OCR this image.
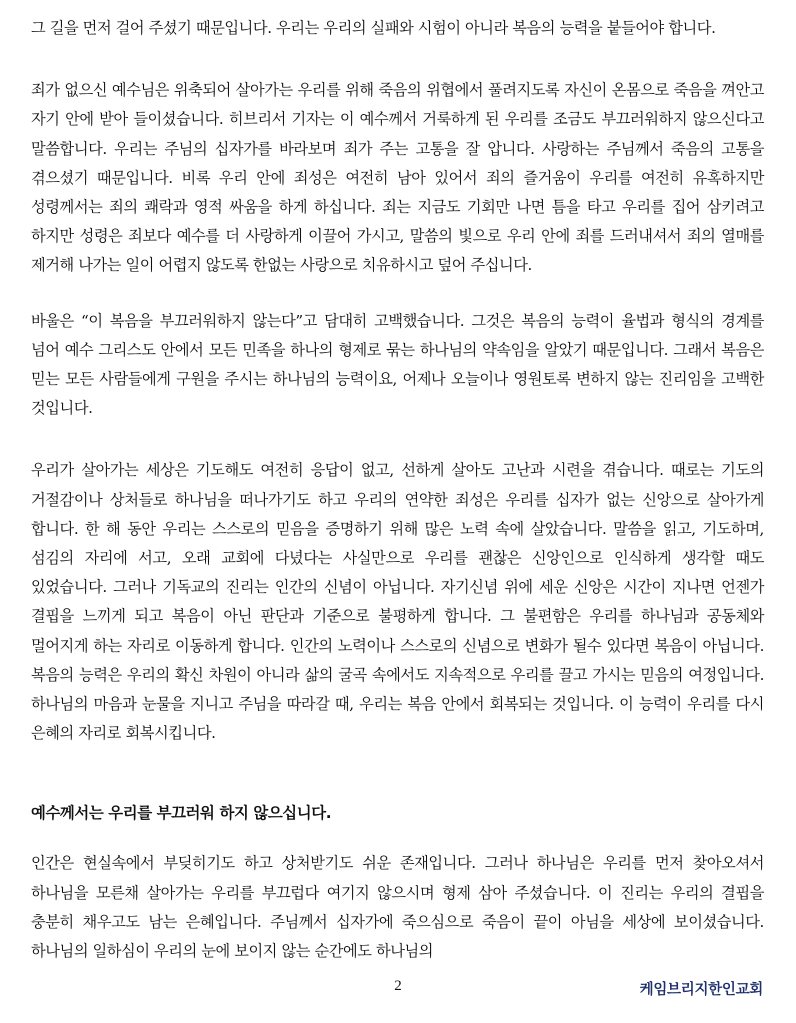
그 길을 먼저 걸어 주셨기 때문입니다. 우리는 우리의 실패와 시험이 아니라 복음의 능력을 붙들어야 합니다.

죄가 없으신 예수님은 위축되어 살아가는 우리를 위해 죽음의 위협에서 풀려지도록 자신이 온몸으로 죽음을 껴안고 자기 안에 받아 들이셨습니다. 히브리서 기자는 이 예수께서 거룩하게 된 우리를 조금도 부끄러워하지 않으신다고 말씀합니다. 우리는 주님의 십자가를 바라보며 죄가 주는 고통을 잘 압니다. 사랑하는 주님께서 죽음의 고통을 겪으셨기 때문입니다. 비록 우리 안에 죄성은 여전히 남아 있어서 죄의 즐거움이 우리를 여전히 유혹하지만 성령께서는 죄의 쾌락과 영적 싸움을 하게 하십니다. 죄는 지금도 기회만 나면 틈을 타고 우리를 집어 삼키려고 하지만 성령은 죄보다 예수를 더 사랑하게 이끌어 가시고, 말씀의 빛으로 우리 안에 죄를 드러내셔서 죄의 열매를 제거해 나가는 일이 어렵지 않도록 한없는 사랑으로 치유하시고 덮어 주십니다.

바울은 “이 복음을 부끄러워하지 않는다”고 담대히 고백했습니다. 그것은 복음의 능력이 율법과 형식의 경계를 넘어 예수 그리스도 안에서 모든 민족을 하나의 형제로 묶는 하나님의 약속임을 알았기 때문입니다. 그래서 복음은 믿는 모든 사람들에게 구원을 주시는 하나님의 능력이요, 어제나 오늘이나 영원토록 변하지 않는 진리임을 고백한 것입니다.

우리가 살아가는 세상은 기도해도 여전히 응답이 없고, 선하게 살아도 고난과 시련을 겪습니다. 때로는 기도의 거절감이나 상처들로 하나님을 떠나가기도 하고 우리의 연약한 죄성은 우리를 십자가 없는 신앙으로 살아가게 합니다. 한 해 동안 우리는 스스로의 믿음을 증명하기 위해 많은 노력 속에 살았습니다. 말씀을 읽고, 기도하며, 섬김의 자리에 서고, 오래 교회에 다녔다는 사실만으로 우리를 괜찮은 신앙인으로 인식하게 생각할 때도 있었습니다. 그러나 기독교의 진리는 인간의 신념이 아닙니다. 자기신념 위에 세운 신앙은 시간이 지나면 언젠가 결핍을 느끼게 되고 복음이 아닌 판단과 기준으로 불평하게 합니다. 그 불편함은 우리를 하나님과 공동체와 멀어지게 하는 자리로 이동하게 합니다. 인간의 노력이나 스스로의 신념으로 변화가 될수 있다면 복음이 아닙니다. 복음의 능력은 우리의 확신 차원이 아니라 삶의 굴곡 속에서도 지속적으로 우리를 끌고 가시는 믿음의 여정입니다. 하나님의 마음과 눈물을 지니고 주님을 따라갈 때, 우리는 복음 안에서 회복되는 것입니다. 이 능력이 우리를 다시 은혜의 자리로 회복시킵니다.

예수께서는 우리를 부끄러워 하지 않으십니다.

인간은 현실속에서 부딪히기도 하고 상처받기도 쉬운 존재입니다. 그러나 하나님은 우리를 먼저 찾아오셔서 하나님을 모른채 살아가는 우리를 부끄럽다 여기지 않으시며 형제 삼아 주셨습니다. 이 진리는 우리의 결핍을 충분히 채우고도 남는 은혜입니다. 주님께서 십자가에 죽으심으로 죽음이 끝이 아님을 세상에 보이셨습니다. 하나님의 일하심이 우리의 눈에 보이지 않는 순간에도 하나님의

2	케임브리지한인교회
